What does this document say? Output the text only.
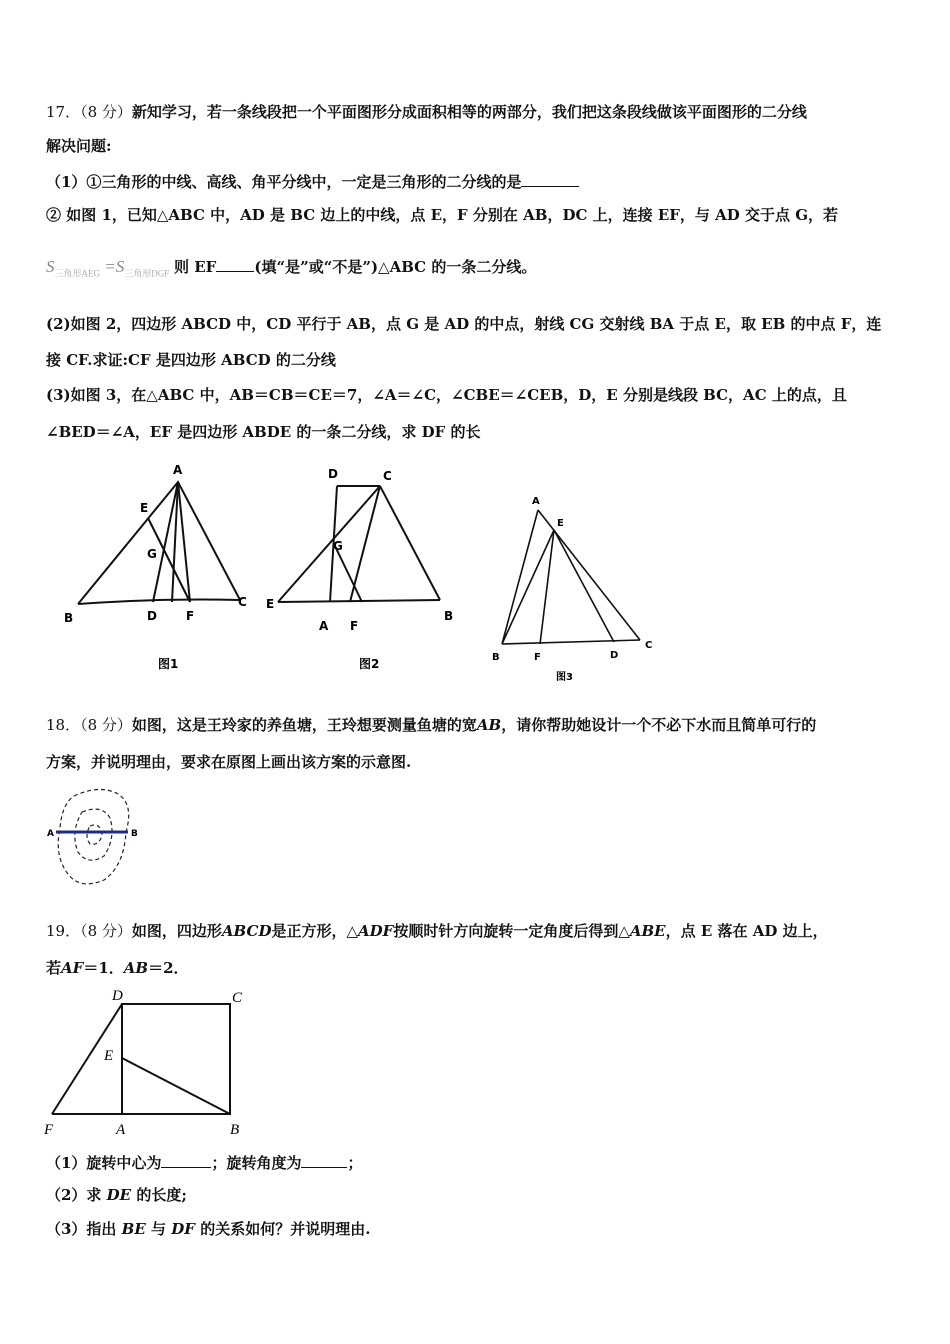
17．（8 分）新知学习，若一条线段把一个平面图形分成面积相等的两部分，我们把这条段线做该平面图形的二分线
解决问题:
（1）①三角形的中线、高线、角平分线中，一定是三角形的二分线的是
② 如图 1，已知△ABC 中，AD 是 BC 边上的中线，点 E，F 分别在 AB，DC 上，连接 EF，与 AD 交于点 G，若
$S_{三角形AEG} =S_{三角形DGF}$ 则 EF	(填“是”或“不是”)△ABC 的一条二分线。
(2)如图 2，四边形 ABCD 中，CD 平行于 AB，点 G 是 AD 的中点，射线 CG 交射线 BA 于点 E，取 EB 的中点 F，连
接 CF.求证:CF 是四边形 ABCD 的二分线
(3)如图 3，在△ABC 中，AB＝CB＝CE＝7，∠A＝∠C，∠CBE＝∠CEB，D，E 分别是线段 BC，AC 上的点，且
∠BED＝∠A，EF 是四边形 ABDE 的一条二分线，求 DF 的长
A
E
G
B	D F
C
图1
D	C
G
E
A F
B
图2
A
E
B	F	D
C
图3
18．（8 分）如图，这是王玲家的养鱼塘，王玲想要测量鱼塘的宽AB，请你帮助她设计一个不必下水而且简单可行的
方案，并说明理由，要求在原图上画出该方案的示意图.
A	B
19．（8 分）如图，四边形ABCD是正方形，△ADF按顺时针方向旋转一定角度后得到△ABE，点 E 落在 AD 边上，
若AF＝1．AB＝2．
D	C
E
F	A	B
（1）旋转中心为	；旋转角度为	；
（2）求 DE 的长度;
（3）指出 BE 与 DF 的关系如何？并说明理由.
